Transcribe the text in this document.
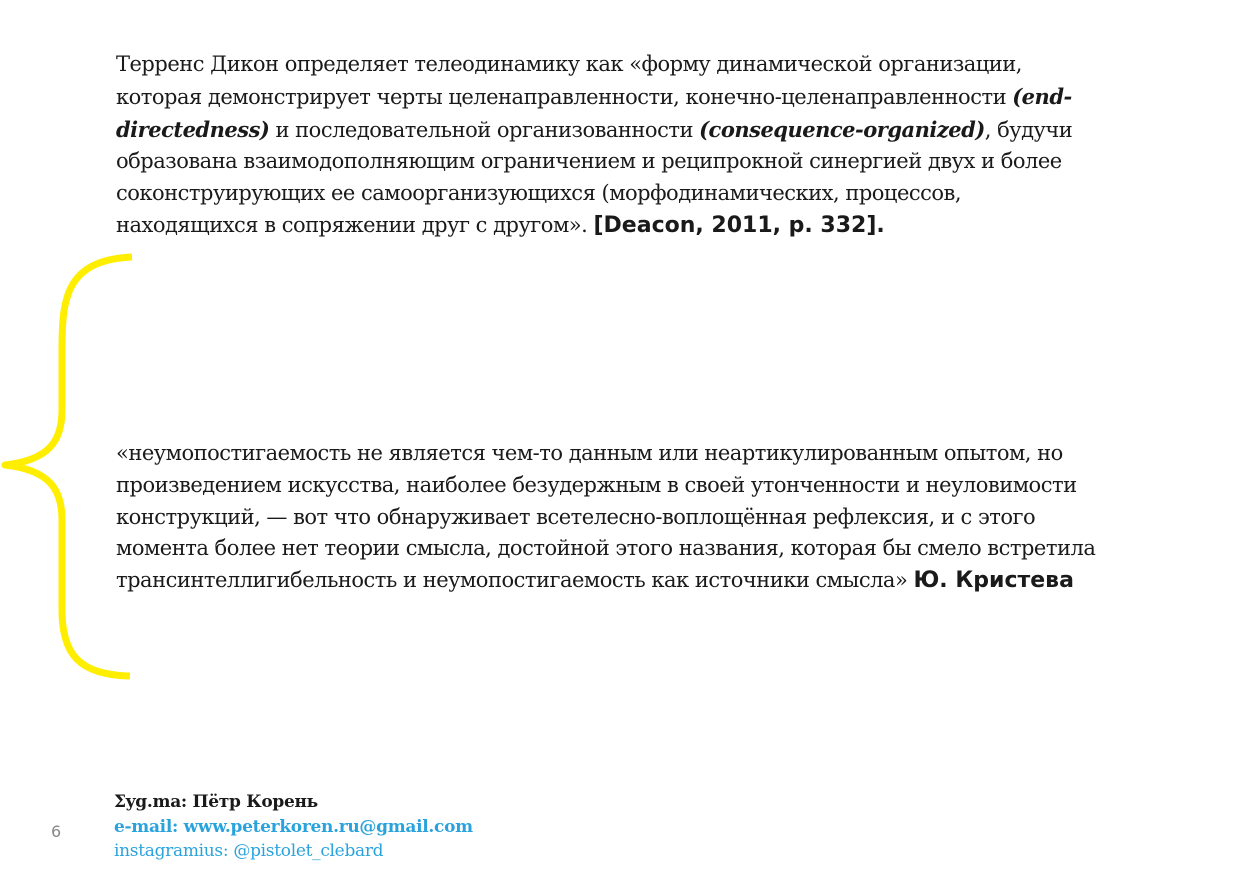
Терренс Дикон определяет телеодинамику как «форму динамической организации, которая демонстрирует черты целенаправленности, конечно-целенаправленности (end-directedness) и последовательной организованности (consequence-organized), будучи образована взаимодополняющим ограничением и реципрокной синергией двух и более соконструирующих ее самоорганизующихся (морфодинамических, процессов, находящихся в сопряжении друг с другом». [Deacon, 2011, p. 332].

«неумопостигаемость не является чем-то данным или неартикулированным опытом, но произведением искусства, наиболее безудержным в своей утонченности и неуловимости конструкций, — вот что обнаруживает всетелесно-воплощённая рефлексия, и с этого момента более нет теории смысла, достойной этого названия, которая бы смело встретила трансинтеллигибельность и неумопостигаемость как источники смысла» Ю. Кристева

6
Σyg.ma: Пётр Корень
e-mail: www.peterkoren.ru@gmail.com
instagramius: @pistolet_clebard
